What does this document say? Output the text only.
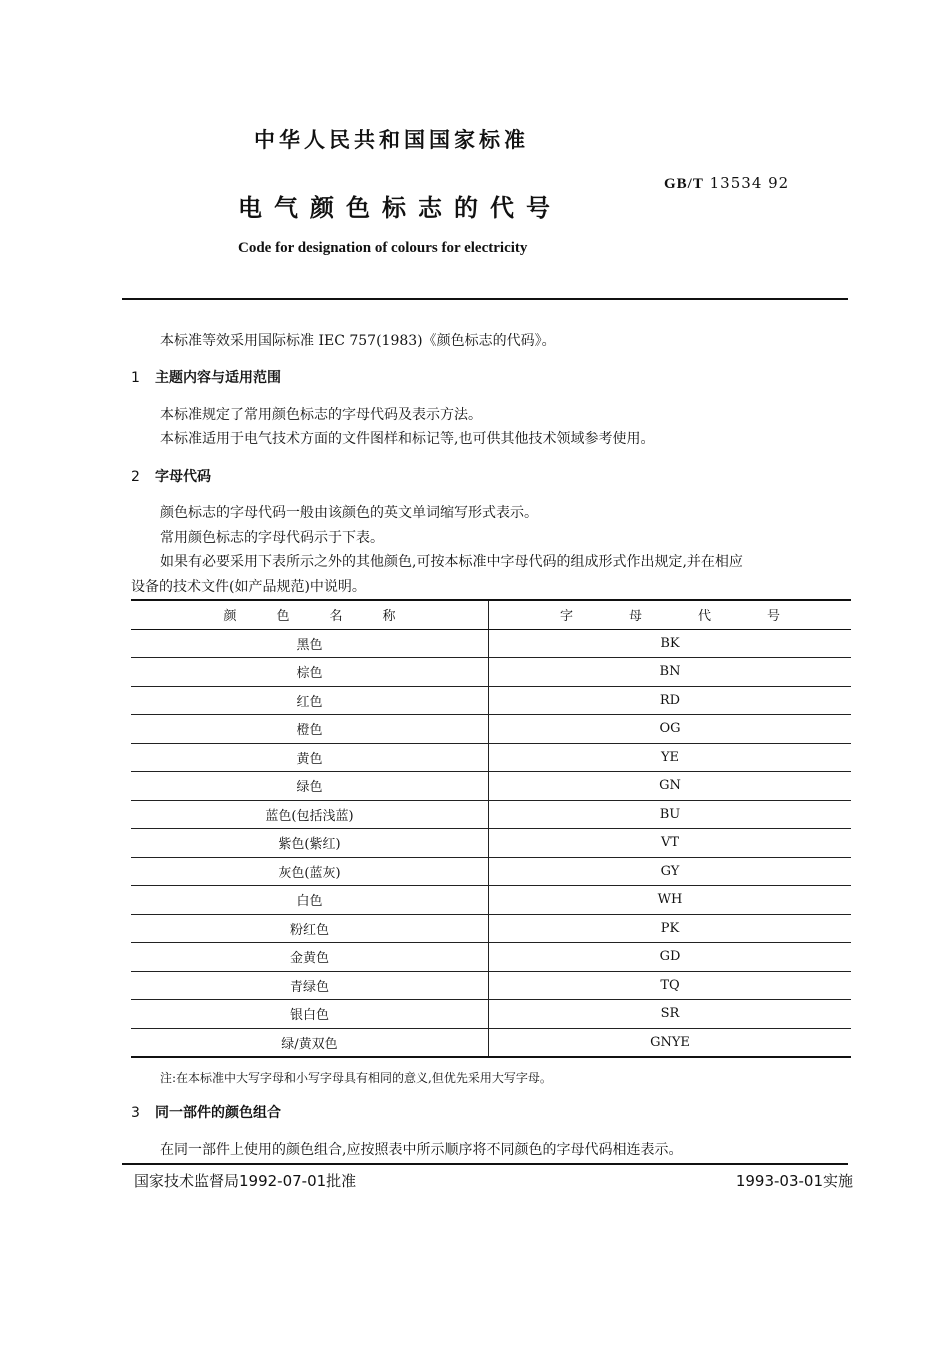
中华人民共和国国家标准
GB/T 13534 92
电气颜色标志的代号
Code for designation of colours for electricity
本标准等效采用国际标准 IEC 757(1983)《颜色标志的代码》。
1 主题内容与适用范围
本标准规定了常用颜色标志的字母代码及表示方法。
本标准适用于电气技术方面的文件图样和标记等,也可供其他技术领域参考使用。
2 字母代码
颜色标志的字母代码一般由该颜色的英文单词缩写形式表示。
常用颜色标志的字母代码示于下表。
如果有必要采用下表所示之外的其他颜色,可按本标准中字母代码的组成形式作出规定,并在相应
设备的技术文件(如产品规范)中说明。
颜色名称	字母代号
黑色	BK
棕色	BN
红色	RD
橙色	OG
黄色	YE
绿色	GN
蓝色(包括浅蓝)	BU
紫色(紫红)	VT
灰色(蓝灰)	GY
白色	WH
粉红色	PK
金黄色	GD
青绿色	TQ
银白色	SR
绿/黄双色	GNYE
注:在本标准中大写字母和小写字母具有相同的意义,但优先采用大写字母。
3 同一部件的颜色组合
在同一部件上使用的颜色组合,应按照表中所示顺序将不同颜色的字母代码相连表示。
国家技术监督局1992-07-01批准	1993-03-01实施
